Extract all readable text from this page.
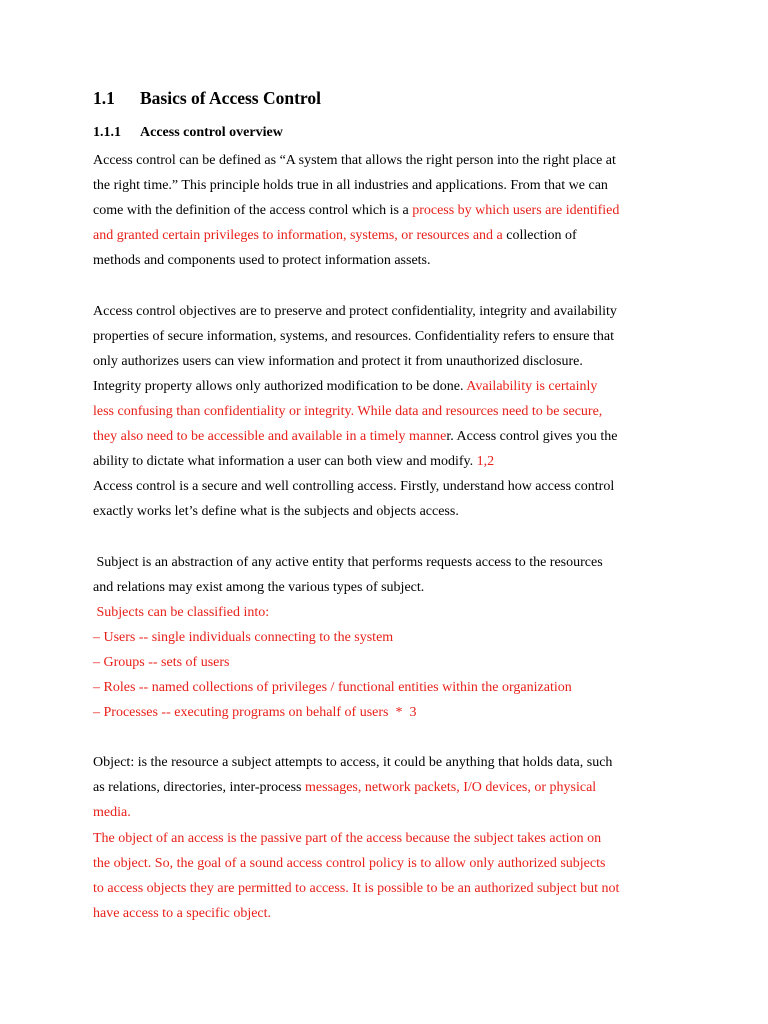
1.1 Basics of Access Control
1.1.1 Access control overview

Access control can be defined as “A system that allows the right person into the right place at

the right time.” This principle holds true in all industries and applications. From that we can

come with the definition of the access control which is a process by which users are identified

and granted certain privileges to information, systems, or resources and a collection of

methods and components used to protect information assets.

Access control objectives are to preserve and protect confidentiality, integrity and availability

properties of secure information, systems, and resources. Confidentiality refers to ensure that

only authorizes users can view information and protect it from unauthorized disclosure.

Integrity property allows only authorized modification to be done. Availability is certainly

less confusing than confidentiality or integrity. While data and resources need to be secure,

they also need to be accessible and available in a timely manner. Access control gives you the

ability to dictate what information a user can both view and modify. 1,2

Access control is a secure and well controlling access. Firstly, understand how access control

exactly works let’s define what is the subjects and objects access.

Subject is an abstraction of any active entity that performs requests access to the resources

and relations may exist among the various types of subject.

Subjects can be classified into:

– Users -- single individuals connecting to the system

– Groups -- sets of users

– Roles -- named collections of privileges / functional entities within the organization

– Processes -- executing programs on behalf of users  *  3

Object: is the resource a subject attempts to access, it could be anything that holds data, such

as relations, directories, inter-process messages, network packets, I/O devices, or physical

media.

The object of an access is the passive part of the access because the subject takes action on

the object. So, the goal of a sound access control policy is to allow only authorized subjects

to access objects they are permitted to access. It is possible to be an authorized subject but not

have access to a specific object.
